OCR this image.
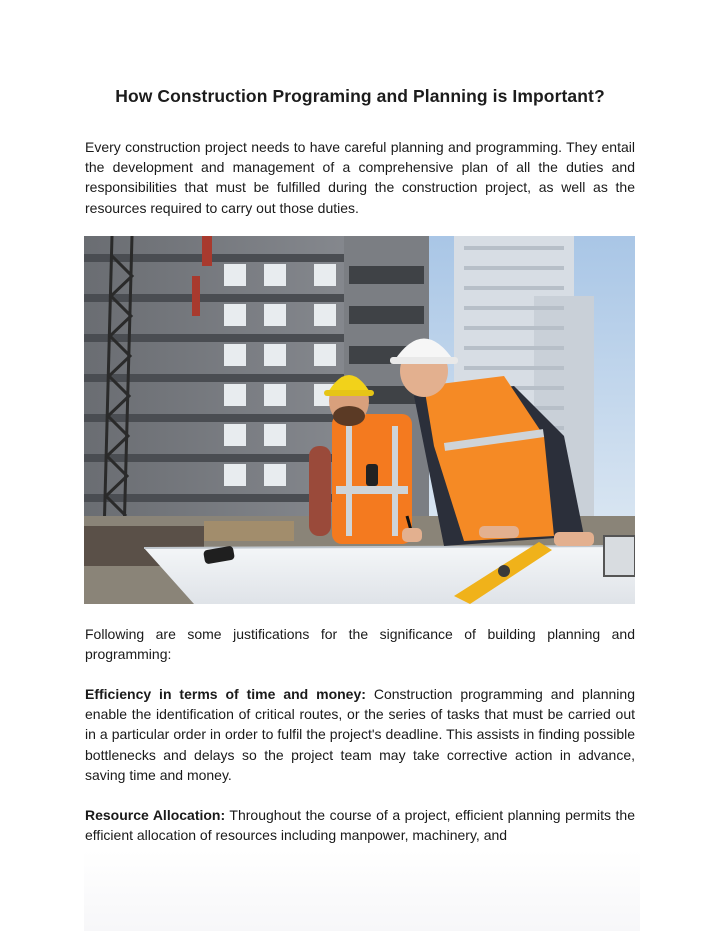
How Construction Programing and Planning is Important?

Every construction project needs to have careful planning and programming. They entail the development and management of a comprehensive plan of all the duties and responsibilities that must be fulfilled during the construction project, as well as the resources required to carry out those duties.

Following are some justifications for the significance of building planning and programming:

Efficiency in terms of time and money: Construction programming and planning enable the identification of critical routes, or the series of tasks that must be carried out in a particular order in order to fulfil the project's deadline. This assists in finding possible bottlenecks and delays so the project team may take corrective action in advance, saving time and money.

Resource Allocation: Throughout the course of a project, efficient planning permits the efficient allocation of resources including manpower, machinery, and
